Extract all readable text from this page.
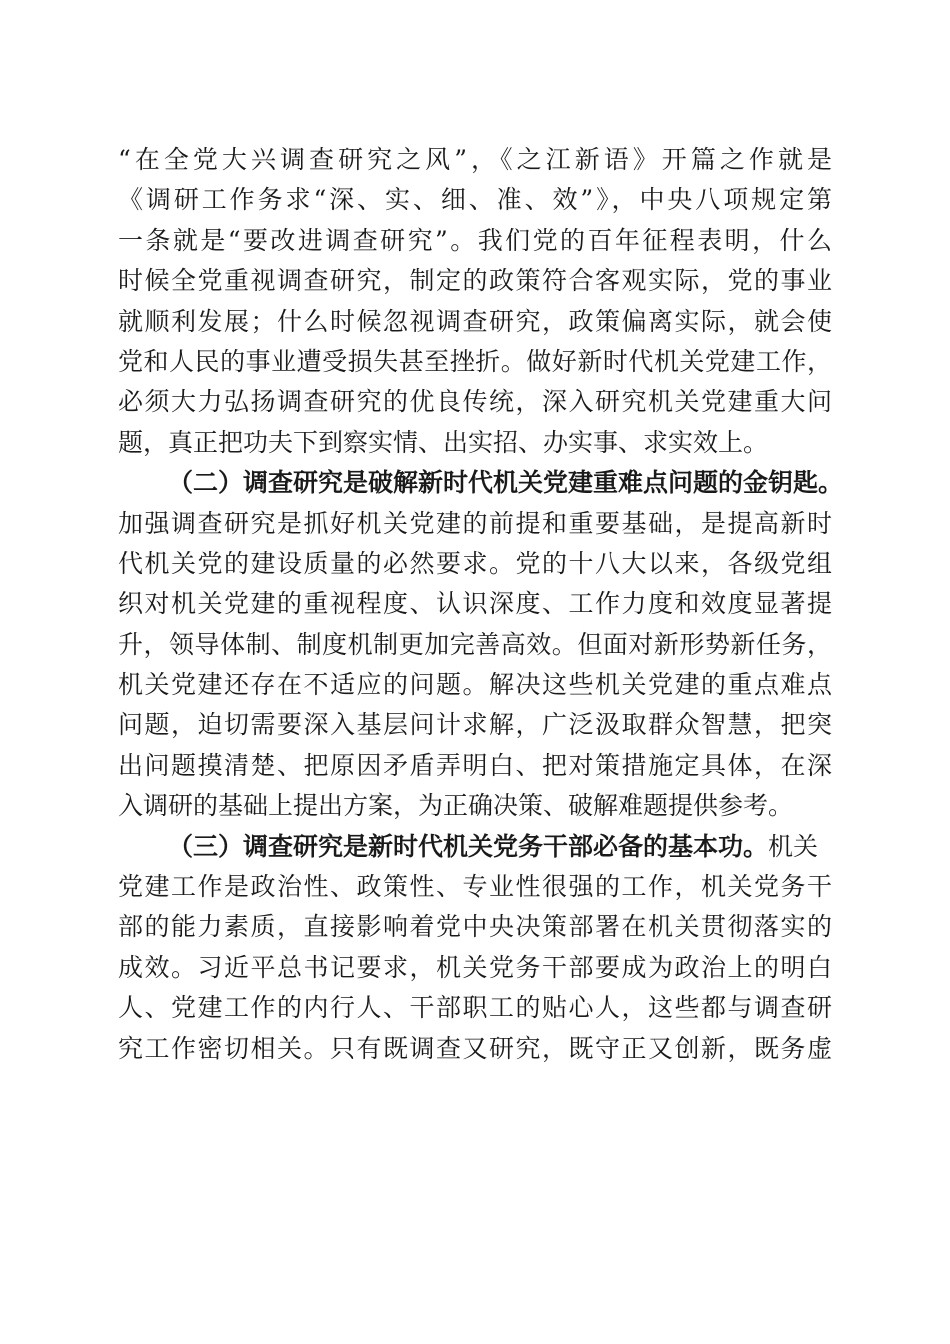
“在全党大兴调查研究之风”，《之江新语》开篇之作就是
《调研工作务求“深、实、细、准、效”》，中央八项规定第
一条就是“要改进调查研究”。我们党的百年征程表明，什么
时候全党重视调查研究，制定的政策符合客观实际，党的事业
就顺利发展；什么时候忽视调查研究，政策偏离实际，就会使
党和人民的事业遭受损失甚至挫折。做好新时代机关党建工作，
必须大力弘扬调查研究的优良传统，深入研究机关党建重大问
题，真正把功夫下到察实情、出实招、办实事、求实效上。
（二）调查研究是破解新时代机关党建重难点问题的金钥匙。
加强调查研究是抓好机关党建的前提和重要基础，是提高新时
代机关党的建设质量的必然要求。党的十八大以来，各级党组
织对机关党建的重视程度、认识深度、工作力度和效度显著提
升，领导体制、制度机制更加完善高效。但面对新形势新任务，
机关党建还存在不适应的问题。解决这些机关党建的重点难点
问题，迫切需要深入基层问计求解，广泛汲取群众智慧，把突
出问题摸清楚、把原因矛盾弄明白、把对策措施定具体，在深
入调研的基础上提出方案，为正确决策、破解难题提供参考。
（三）调查研究是新时代机关党务干部必备的基本功。机关
党建工作是政治性、政策性、专业性很强的工作，机关党务干
部的能力素质，直接影响着党中央决策部署在机关贯彻落实的
成效。习近平总书记要求，机关党务干部要成为政治上的明白
人、党建工作的内行人、干部职工的贴心人，这些都与调查研
究工作密切相关。只有既调查又研究，既守正又创新，既务虚
